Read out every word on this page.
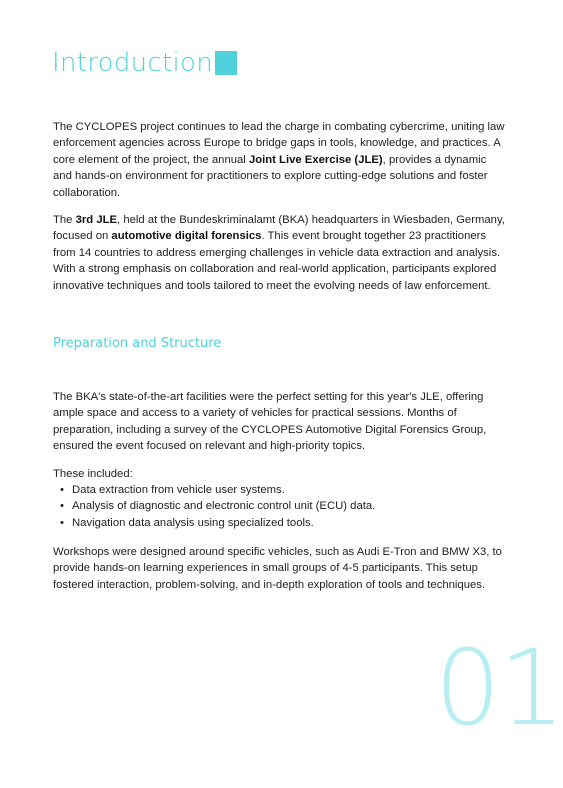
Introduction

The CYCLOPES project continues to lead the charge in combating cybercrime, uniting law enforcement agencies across Europe to bridge gaps in tools, knowledge, and practices. A core element of the project, the annual Joint Live Exercise (JLE), provides a dynamic and hands-on environment for practitioners to explore cutting-edge solutions and foster collaboration.

The 3rd JLE, held at the Bundeskriminalamt (BKA) headquarters in Wiesbaden, Germany, focused on automotive digital forensics. This event brought together 23 practitioners from 14 countries to address emerging challenges in vehicle data extraction and analysis. With a strong emphasis on collaboration and real-world application, participants explored innovative techniques and tools tailored to meet the evolving needs of law enforcement.

Preparation and Structure

The BKA's state-of-the-art facilities were the perfect setting for this year's JLE, offering ample space and access to a variety of vehicles for practical sessions. Months of preparation, including a survey of the CYCLOPES Automotive Digital Forensics Group, ensured the event focused on relevant and high-priority topics.

These included:

• Data extraction from vehicle user systems.
• Analysis of diagnostic and electronic control unit (ECU) data.
• Navigation data analysis using specialized tools.

Workshops were designed around specific vehicles, such as Audi E-Tron and BMW X3, to provide hands-on learning experiences in small groups of 4-5 participants. This setup fostered interaction, problem-solving, and in-depth exploration of tools and techniques.

01
